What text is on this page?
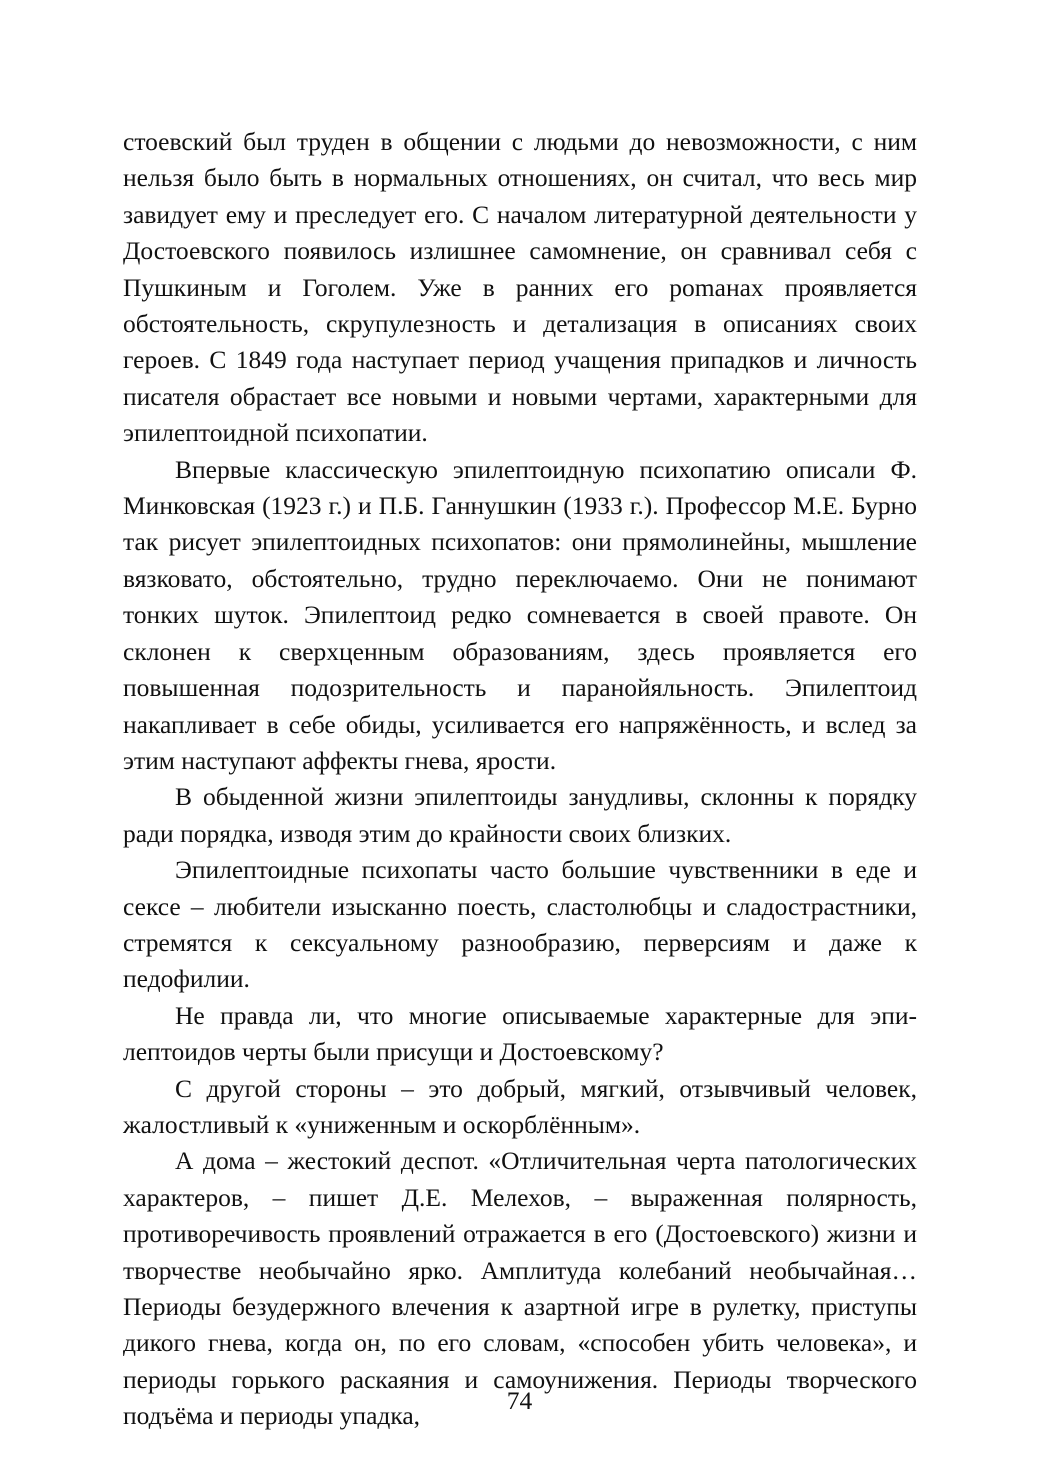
стоевский был труден в общении с людьми до невозможности, с ним нельзя было быть в нормальных отношениях, он считал, что весь мир завидует ему и преследует его. С началом литературной деятельности у Достоевского появилось излишнее самомнение, он сравнивал себя с Пушкиным и Гоголем. Уже в ранних его роmанах проявляется обстоятельность, скрупулезность и детализация в описаниях своих героев. С 1849 года наступает период учащения припадков и личность писателя обрастает все новыми и новыми чертами, характерными для эпилептоидной психопатии.

Впервые классическую эпилептоидную психопатию описали Ф. Минковская (1923 г.) и П.Б. Ганнушкин (1933 г.). Профессор М.Е. Бурно так рисует эпилептоидных психопатов: они прямолинейны, мышление вязковато, обстоятельно, трудно переключаемо. Они не понимают тонких шуток. Эпилептоид редко сомневается в своей правоте. Он склонен к сверхценным образованиям, здесь проявляется его повышенная подозрительность и паранойяльность. Эпилептоид накапливает в себе обиды, усиливается его напряжённость, и вслед за этим наступают аффекты гнева, ярости.

В обыденной жизни эпилептоиды занудливы, склонны к порядку ради порядка, изводя этим до крайности своих близких.

Эпилептоидные психопаты часто большие чувственники в еде и сексе – любители изысканно поесть, сластолюбцы и сладострастники, стремятся к сексуальному разнообразию, перверсиям и даже к педофилии.

Не правда ли, что многие описываемые характерные для эпилептоидов черты были присущи и Достоевскому?

С другой стороны – это добрый, мягкий, отзывчивый человек, жалостливый к «униженным и оскорблённым».

А дома – жестокий деспот. «Отличительная черта патологических характеров, – пишет Д.Е. Мелехов, – выраженная полярность, противоречивость проявлений отражается в его (Достоевского) жизни и творчестве необычайно ярко. Амплитуда колебаний необычайная… Периоды безудержного влечения к азартной игре в рулетку, приступы дикого гнева, когда он, по его словам, «способен убить человека», и периоды горького раскаяния и самоунижения. Периоды творческого подъёма и периоды упадка,

74
